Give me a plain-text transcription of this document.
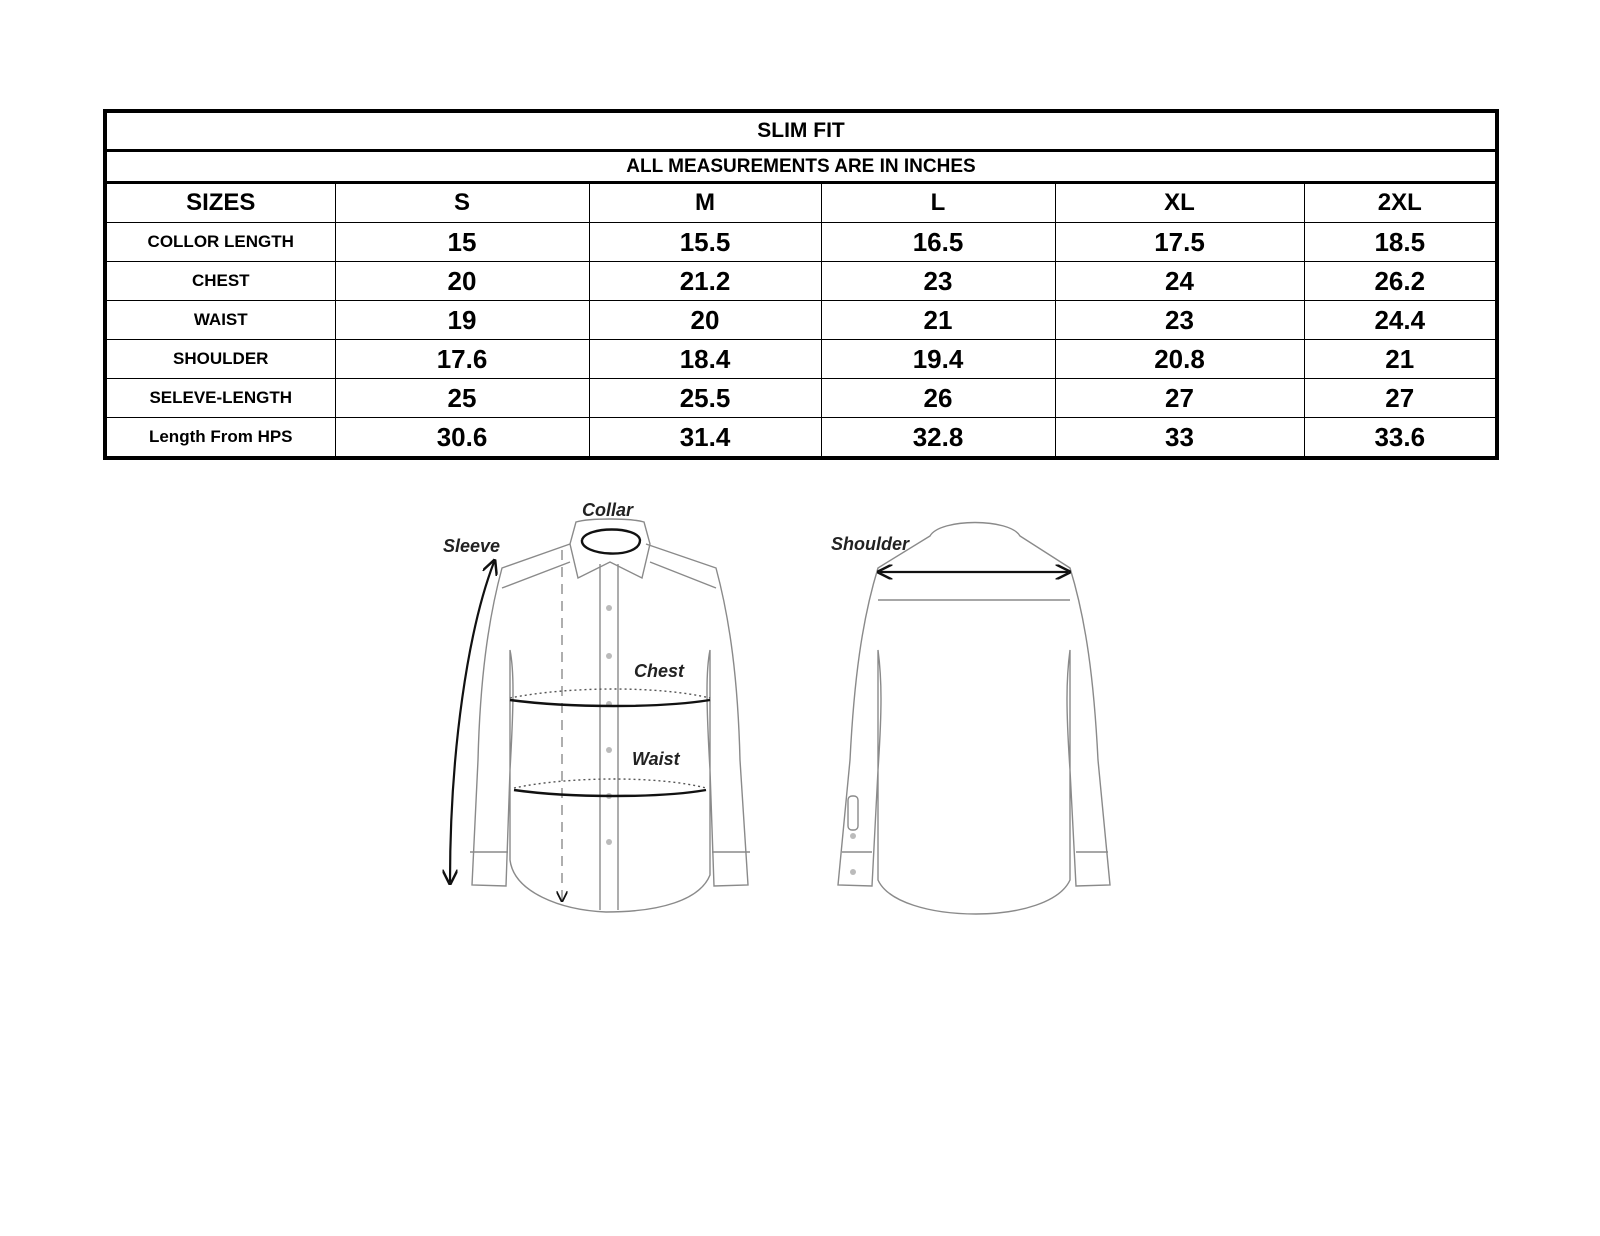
SLIM FIT					
ALL MEASUREMENTS ARE IN INCHES					
SIZES	S	M	L	XL	2XL
COLLOR LENGTH	15	15.5	16.5	17.5	18.5
CHEST	20	21.2	23	24	26.2
WAIST	19	20	21	23	24.4
SHOULDER	17.6	18.4	19.4	20.8	21
SELEVE-LENGTH	25	25.5	26	27	27
Length From HPS	30.6	31.4	32.8	33	33.6
Collar
Sleeve
Chest
Waist
Shoulder
